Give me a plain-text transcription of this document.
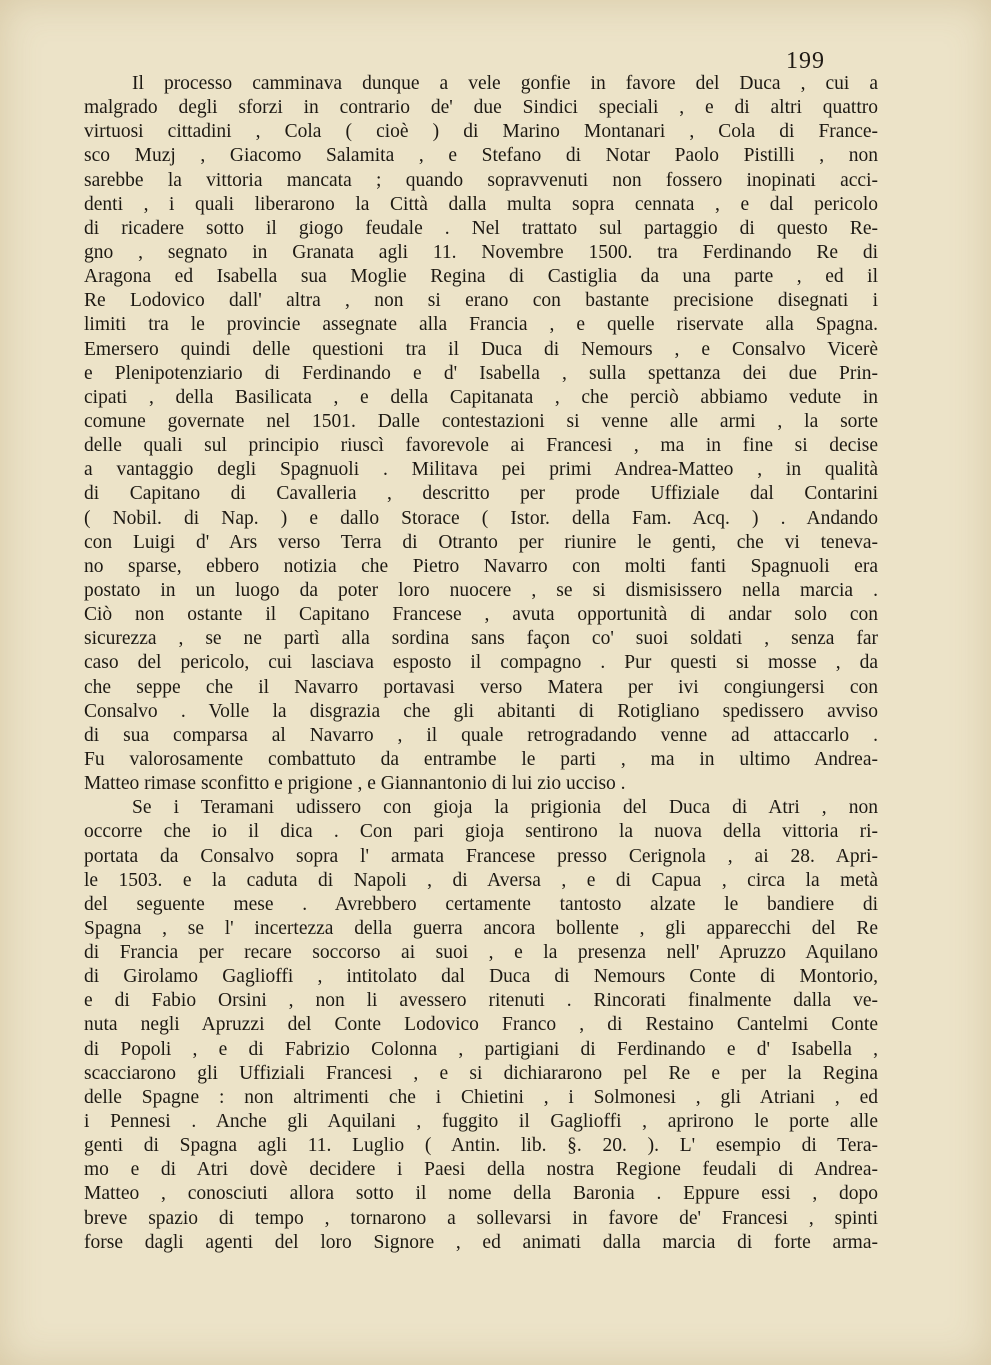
199
Il processo camminava dunque a vele gonfie in favore del Duca , cui a
malgrado degli sforzi in contrario de' due Sindici speciali , e di altri quattro
virtuosi cittadini , Cola ( cioè ) di Marino Montanari , Cola di France-
sco Muzj , Giacomo Salamita , e Stefano di Notar Paolo Pistilli , non
sarebbe la vittoria mancata ; quando sopravvenuti non fossero inopinati acci-
denti , i quali liberarono la Città dalla multa sopra cennata , e dal pericolo
di ricadere sotto il giogo feudale . Nel trattato sul partaggio di questo Re-
gno , segnato in Granata agli 11. Novembre 1500. tra Ferdinando Re di
Aragona ed Isabella sua Moglie Regina di Castiglia da una parte , ed il
Re Lodovico dall' altra , non si erano con bastante precisione disegnati i
limiti tra le provincie assegnate alla Francia , e quelle riservate alla Spagna.
Emersero quindi delle questioni tra il Duca di Nemours , e Consalvo Vicerè
e Plenipotenziario di Ferdinando e d' Isabella , sulla spettanza dei due Prin-
cipati , della Basilicata , e della Capitanata , che perciò abbiamo vedute in
comune governate nel 1501. Dalle contestazioni si venne alle armi , la sorte
delle quali sul principio riuscì favorevole ai Francesi , ma in fine si decise
a vantaggio degli Spagnuoli . Militava pei primi Andrea-Matteo , in qualità
di Capitano di Cavalleria , descritto per prode Uffiziale dal Contarini
( Nobil. di Nap. ) e dallo Storace ( Istor. della Fam. Acq. ) . Andando
con Luigi d' Ars verso Terra di Otranto per riunire le genti, che vi teneva-
no sparse, ebbero notizia che Pietro Navarro con molti fanti Spagnuoli era
postato in un luogo da poter loro nuocere , se si dismisissero nella marcia .
Ciò non ostante il Capitano Francese , avuta opportunità di andar solo con
sicurezza , se ne partì alla sordina sans façon co' suoi soldati , senza far
caso del pericolo, cui lasciava esposto il compagno . Pur questi si mosse , da
che seppe che il Navarro portavasi verso Matera per ivi congiungersi con
Consalvo . Volle la disgrazia che gli abitanti di Rotigliano spedissero avviso
di sua comparsa al Navarro , il quale retrogradando venne ad attaccarlo .
Fu valorosamente combattuto da entrambe le parti , ma in ultimo Andrea-
Matteo rimase sconfitto e prigione , e Giannantonio di lui zio ucciso .
Se i Teramani udissero con gioja la prigionia del Duca di Atri , non
occorre che io il dica . Con pari gioja sentirono la nuova della vittoria ri-
portata da Consalvo sopra l' armata Francese presso Cerignola , ai 28. Apri-
le 1503. e la caduta di Napoli , di Aversa , e di Capua , circa la metà
del seguente mese . Avrebbero certamente tantosto alzate le bandiere di
Spagna , se l' incertezza della guerra ancora bollente , gli apparecchi del Re
di Francia per recare soccorso ai suoi , e la presenza nell' Apruzzo Aquilano
di Girolamo Gaglioffi , intitolato dal Duca di Nemours Conte di Montorio,
e di Fabio Orsini , non li avessero ritenuti . Rincorati finalmente dalla ve-
nuta negli Apruzzi del Conte Lodovico Franco , di Restaino Cantelmi Conte
di Popoli , e di Fabrizio Colonna , partigiani di Ferdinando e d' Isabella ,
scacciarono gli Uffiziali Francesi , e si dichiararono pel Re e per la Regina
delle Spagne : non altrimenti che i Chietini , i Solmonesi , gli Atriani , ed
i Pennesi . Anche gli Aquilani , fuggito il Gaglioffi , aprirono le porte alle
genti di Spagna agli 11. Luglio ( Antin. lib. §. 20. ). L' esempio di Tera-
mo e di Atri dovè decidere i Paesi della nostra Regione feudali di Andrea-
Matteo , conosciuti allora sotto il nome della Baronia . Eppure essi , dopo
breve spazio di tempo , tornarono a sollevarsi in favore de' Francesi , spinti
forse dagli agenti del loro Signore , ed animati dalla marcia di forte arma-
